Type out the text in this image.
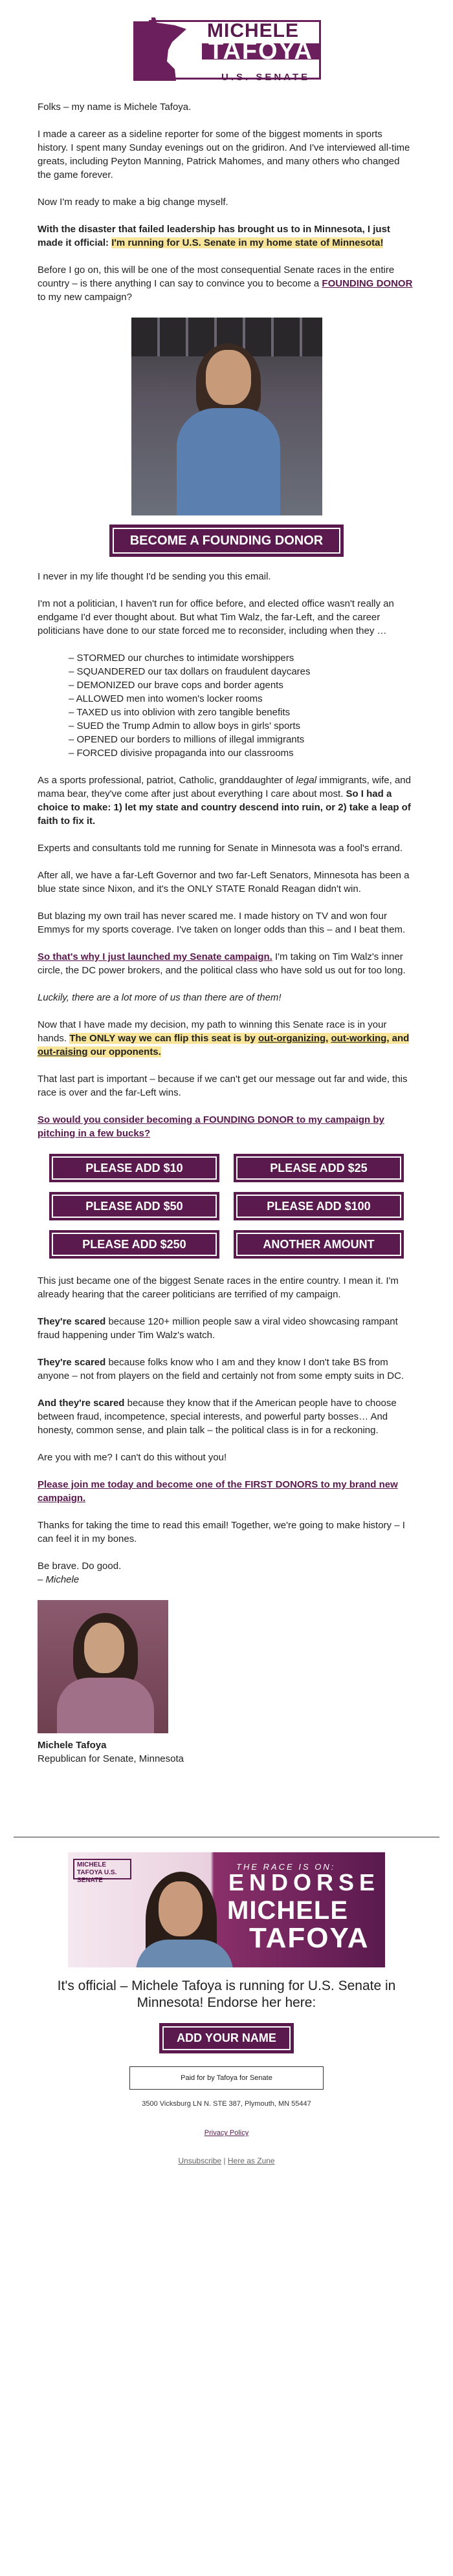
MICHELE
TAFOYA
U.S. SENATE

Folks – my name is Michele Tafoya.

I made a career as a sideline reporter for some of the biggest moments in sports history. I spent many Sunday evenings out on the gridiron. And I've interviewed all-time greats, including Peyton Manning, Patrick Mahomes, and many others who changed the game forever.

Now I'm ready to make a big change myself.

With the disaster that failed leadership has brought us to in Minnesota, I just made it official: I'm running for U.S. Senate in my home state of Minnesota!

Before I go on, this will be one of the most consequential Senate races in the entire country – is there anything I can say to convince you to become a FOUNDING DONOR to my new campaign?

BECOME A FOUNDING DONOR

I never in my life thought I'd be sending you this email.

I'm not a politician, I haven't run for office before, and elected office wasn't really an endgame I'd ever thought about. But what Tim Walz, the far-Left, and the career politicians have done to our state forced me to reconsider, including when they …

– STORMED our churches to intimidate worshippers
– SQUANDERED our tax dollars on fraudulent daycares
– DEMONIZED our brave cops and border agents
– ALLOWED men into women's locker rooms
– TAXED us into oblivion with zero tangible benefits
– SUED the Trump Admin to allow boys in girls' sports
– OPENED our borders to millions of illegal immigrants
– FORCED divisive propaganda into our classrooms

As a sports professional, patriot, Catholic, granddaughter of legal immigrants, wife, and mama bear, they've come after just about everything I care about most. So I had a choice to make: 1) let my state and country descend into ruin, or 2) take a leap of faith to fix it.

Experts and consultants told me running for Senate in Minnesota was a fool's errand.

After all, we have a far-Left Governor and two far-Left Senators, Minnesota has been a blue state since Nixon, and it's the ONLY STATE Ronald Reagan didn't win.

But blazing my own trail has never scared me. I made history on TV and won four Emmys for my sports coverage. I've taken on longer odds than this – and I beat them.

So that's why I just launched my Senate campaign. I'm taking on Tim Walz's inner circle, the DC power brokers, and the political class who have sold us out for too long.

Luckily, there are a lot more of us than there are of them!

Now that I have made my decision, my path to winning this Senate race is in your hands. The ONLY way we can flip this seat is by out-organizing, out-working, and out-raising our opponents.

That last part is important – because if we can't get our message out far and wide, this race is over and the far-Left wins.

So would you consider becoming a FOUNDING DONOR to my campaign by pitching in a few bucks?

PLEASE ADD $10	PLEASE ADD $25
PLEASE ADD $50	PLEASE ADD $100
PLEASE ADD $250	ANOTHER AMOUNT

This just became one of the biggest Senate races in the entire country. I mean it. I'm already hearing that the career politicians are terrified of my campaign.

They're scared because 120+ million people saw a viral video showcasing rampant fraud happening under Tim Walz's watch.

They're scared because folks know who I am and they know I don't take BS from anyone – not from players on the field and certainly not from some empty suits in DC.

And they're scared because they know that if the American people have to choose between fraud, incompetence, special interests, and powerful party bosses… And honesty, common sense, and plain talk – the political class is in for a reckoning.

Are you with me? I can't do this without you!

Please join me today and become one of the FIRST DONORS to my brand new campaign.

Thanks for taking the time to read this email! Together, we're going to make history – I can feel it in my bones.

Be brave. Do good.
– Michele

Michele Tafoya
Republican for Senate, Minnesota
MICHELE TAFOYA U.S. SENATE
THE RACE IS ON:
ENDORSE
MICHELE
TAFOYA
It's official – Michele Tafoya is running for U.S. Senate in Minnesota! Endorse her here:
ADD YOUR NAME
Paid for by Tafoya for Senate
3500 Vicksburg LN N. STE 387, Plymouth, MN 55447
Privacy Policy
Unsubscribe | Here as Zune
